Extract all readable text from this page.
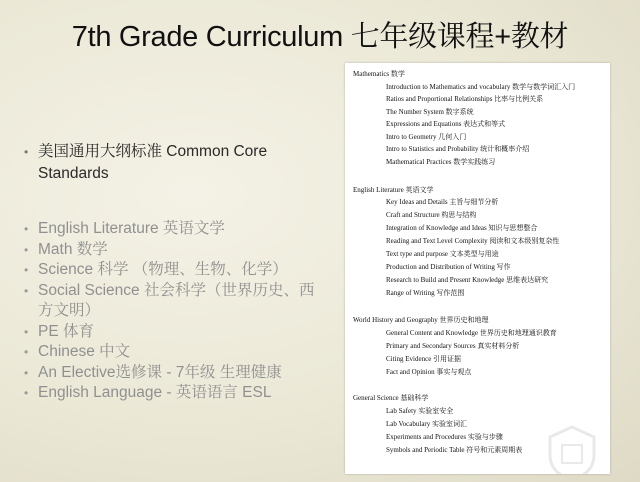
7th Grade Curriculum 七年级课程+教材
• 美国通用大纲标准 Common Core Standards
• English Literature 英语文学
• Math 数学
• Science 科学 （物理、生物、化学）
• Social Science 社会科学（世界历史、西方文明）
• PE 体育
• Chinese 中文
• An Elective选修课 - 7年级 生理健康
• English Language - 英语语言 ESL
Mathematics 数学
Introduction to Mathematics and vocabulary 数学与数学词汇入门
Ratios and Proportional Relationships 比率与比例关系
The Number System 数字系统
Expressions and Equations 表达式和等式
Intro to Geometry 几何入门
Intro to Statistics and Probability 统计和概率介绍
Mathematical Practices 数学实践练习
English Literature 英语文学
Key Ideas and Details 主旨与细节分析
Craft and Structure 构思与结构
Integration of Knowledge and Ideas 知识与思想整合
Reading and Text Level Complexity 阅读和文本级别复杂性
Text type and purpose 文本类型与用途
Production and Distribution of Writing 写作
Research to Build and Present Knowledge 思维表达研究
Range of Writing 写作范围
World History and Geography 世界历史和地理
General Content and Knowledge 世界历史和地理通识教育
Primary and Secondary Sources 真实材料分析
Citing Evidence 引用证据
Fact and Opinion 事实与观点
General Science 基础科学
Lab Safety 实验室安全
Lab Vocabulary 实验室词汇
Experiments and Procedures 实验与步骤
Symbols and Periodic Table 符号和元素周期表
